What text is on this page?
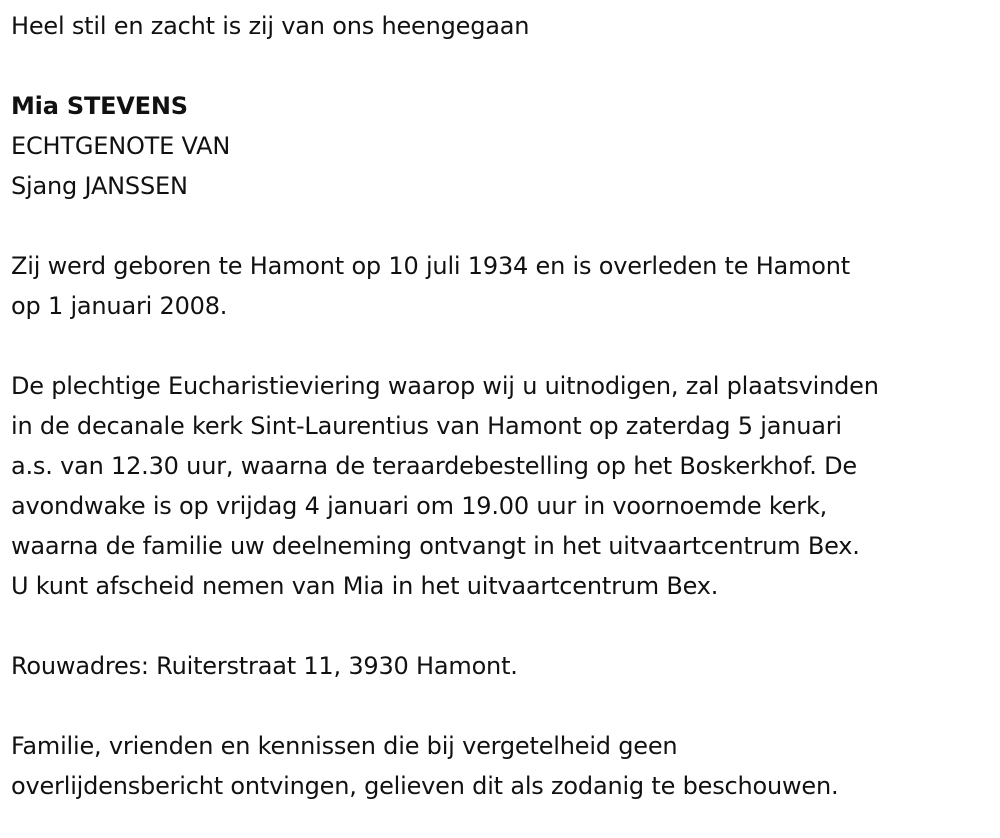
Heel stil en zacht is zij van ons heengegaan

Mia STEVENS

ECHTGENOTE VAN

Sjang JANSSEN

Zij werd geboren te Hamont op 10 juli 1934 en is overleden te Hamont
op 1 januari 2008.

De plechtige Eucharistieviering waarop wij u uitnodigen, zal plaatsvinden
in de decanale kerk Sint-Laurentius van Hamont op zaterdag 5 januari
a.s. van 12.30 uur, waarna de teraardebestelling op het Boskerkhof. De
avondwake is op vrijdag 4 januari om 19.00 uur in voornoemde kerk,
waarna de familie uw deelneming ontvangt in het uitvaartcentrum Bex.
U kunt afscheid nemen van Mia in het uitvaartcentrum Bex.

Rouwadres: Ruiterstraat 11, 3930 Hamont.

Familie, vrienden en kennissen die bij vergetelheid geen
overlijdensbericht ontvingen, gelieven dit als zodanig te beschouwen.
